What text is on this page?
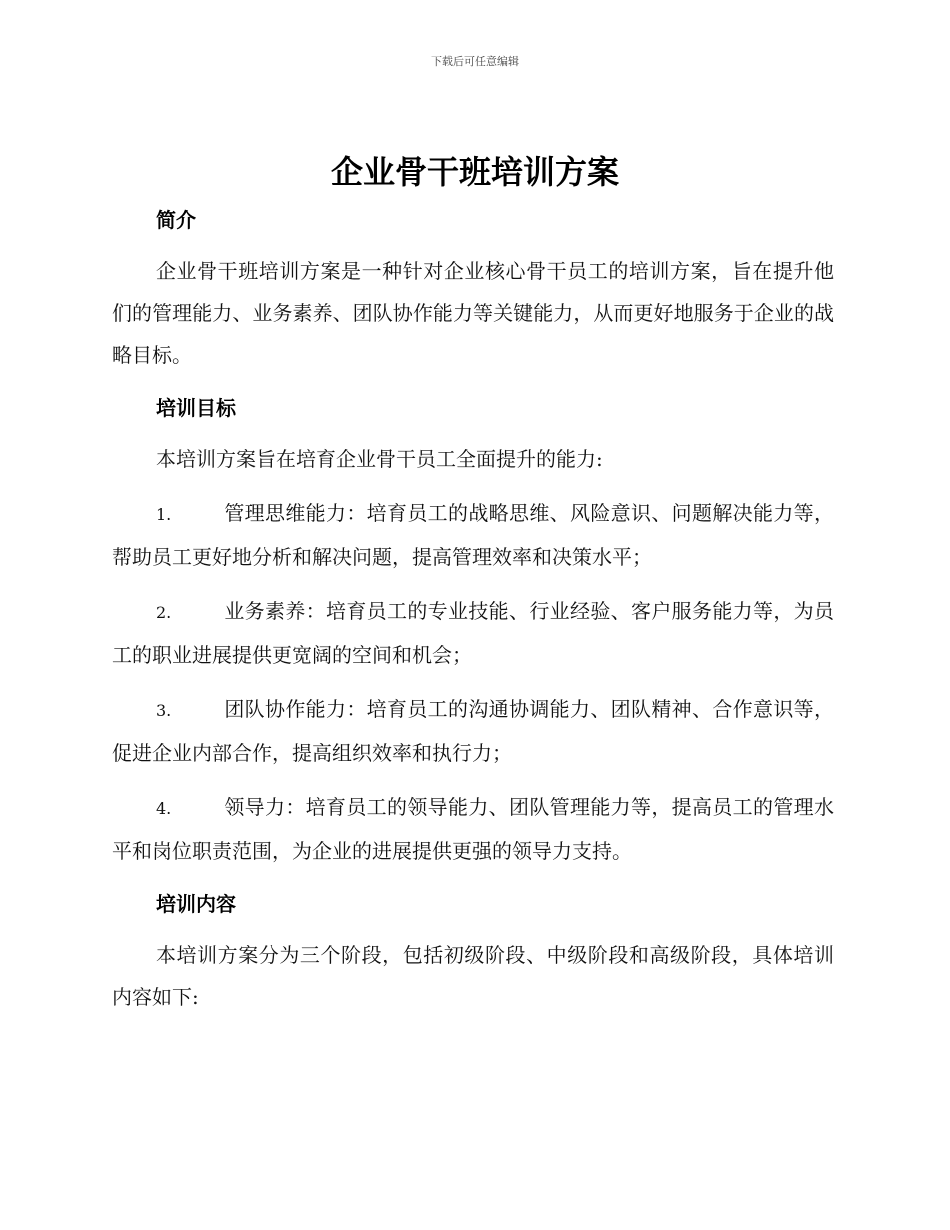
下载后可任意编辑
企业骨干班培训方案
简介

企业骨干班培训方案是一种针对企业核心骨干员工的培训方案，旨在提升他们的管理能力、业务素养、团队协作能力等关键能力，从而更好地服务于企业的战略目标。

培训目标

本培训方案旨在培育企业骨干员工全面提升的能力:

1.	管理思维能力：培育员工的战略思维、风险意识、问题解决能力等，帮助员工更好地分析和解决问题，提高管理效率和决策水平；

2.	业务素养：培育员工的专业技能、行业经验、客户服务能力等，为员工的职业进展提供更宽阔的空间和机会；

3.	团队协作能力：培育员工的沟通协调能力、团队精神、合作意识等，促进企业内部合作，提高组织效率和执行力；

4.	领导力：培育员工的领导能力、团队管理能力等，提高员工的管理水平和岗位职责范围，为企业的进展提供更强的领导力支持。

培训内容

本培训方案分为三个阶段，包括初级阶段、中级阶段和高级阶段，具体培训内容如下:
